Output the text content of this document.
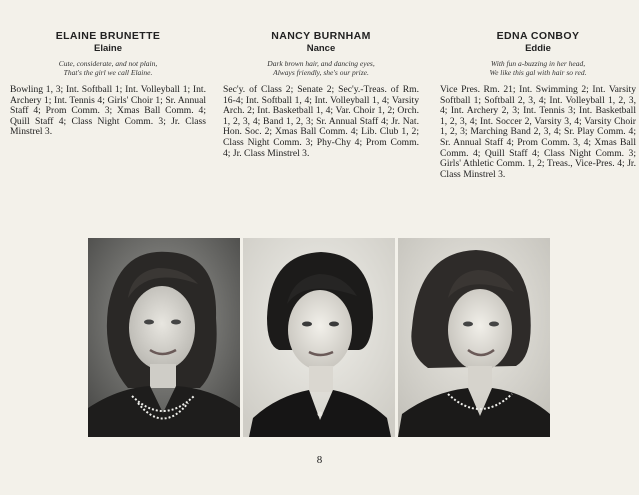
ELAINE BRUNETTE
Elaine
Cute, considerate, and not plain,
That's the girl we call Elaine.
Bowling 1, 3; Int. Softball 1; Int. Volleyball 1; Int. Archery 1; Int. Tennis 4; Girls' Choir 1; Sr. Annual Staff 4; Prom Comm. 3; Xmas Ball Comm. 4; Quill Staff 4; Class Night Comm. 3; Jr. Class Minstrel 3.
NANCY BURNHAM
Nance
Dark brown hair, and dancing eyes,
Always friendly, she's our prize.
Sec'y. of Class 2; Senate 2; Sec'y.-Treas. of Rm. 16-4; Int. Softball 1, 4; Int. Volleyball 1, 4; Varsity Arch. 2; Int. Basketball 1, 4; Var. Choir 1, 2; Orch. 1, 2, 3, 4; Band 1, 2, 3; Sr. Annual Staff 4; Jr. Nat. Hon. Soc. 2; Xmas Ball Comm. 4; Lib. Club 1, 2; Class Night Comm. 3; Phy-Chy 4; Prom Comm. 4; Jr. Class Minstrel 3.
EDNA CONBOY
Eddie
With fun a-buzzing in her head,
We like this gal with hair so red.
Vice Pres. Rm. 21; Int. Swimming 2; Int. Varsity Softball 1; Softball 2, 3, 4; Int. Volleyball 1, 2, 3, 4; Int. Archery 2, 3; Int. Tennis 3; Int. Basketball 1, 2, 3, 4; Int. Soccer 2, Varsity 3, 4; Varsity Choir 1, 2, 3; Marching Band 2, 3, 4; Sr. Play Comm. 4; Sr. Annual Staff 4; Prom Comm. 3, 4; Xmas Ball Comm. 4; Quill Staff 4; Class Night Comm. 3; Girls' Athletic Comm. 1, 2; Treas., Vice-Pres. 4; Jr. Class Minstrel 3.
8
